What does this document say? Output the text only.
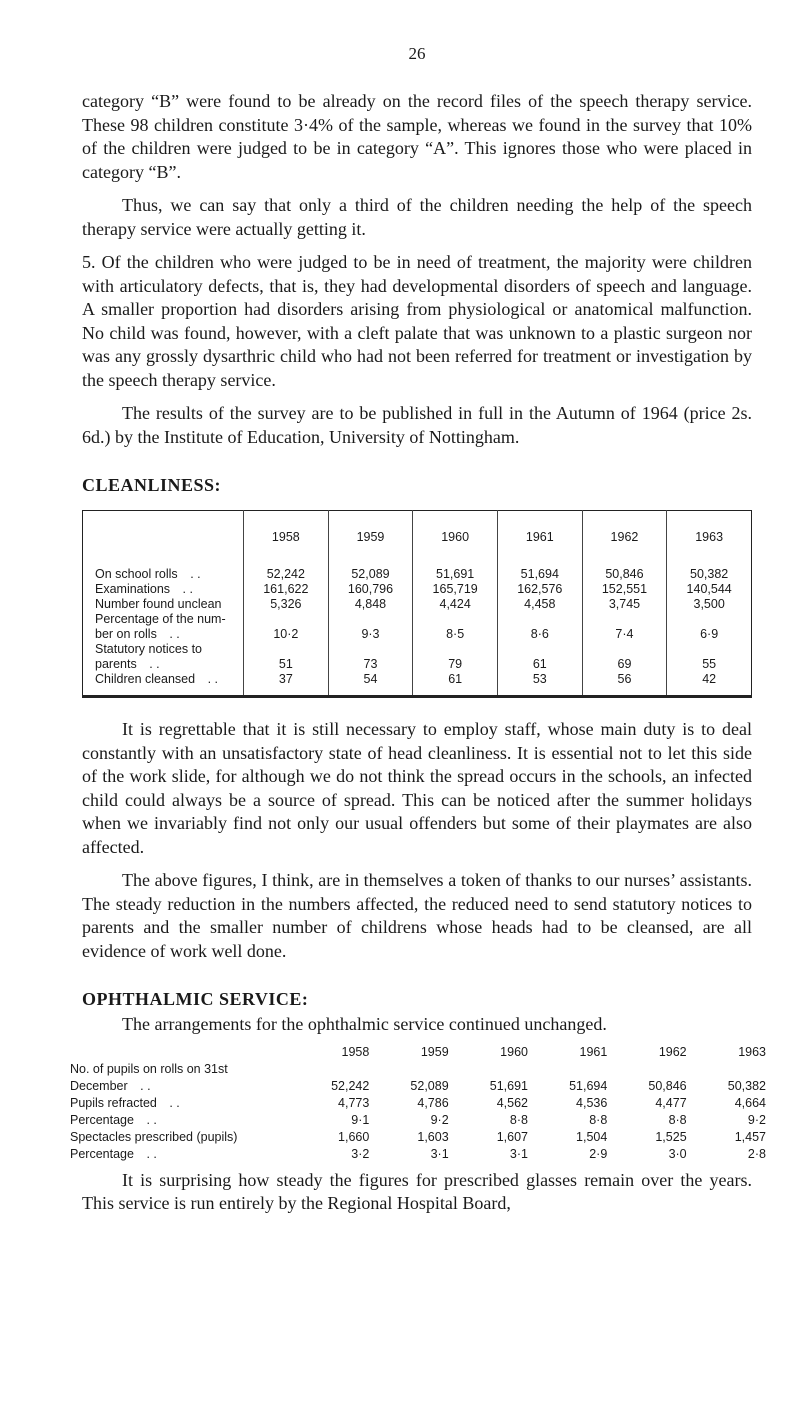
26

category “B” were found to be already on the record files of the speech therapy service. These 98 children constitute 3·4% of the sample, whereas we found in the survey that 10% of the children were judged to be in category “A”. This ignores those who were placed in category “B”.

Thus, we can say that only a third of the children needing the help of the speech therapy service were actually getting it.

5. Of the children who were judged to be in need of treatment, the majority were children with articulatory defects, that is, they had developmental disorders of speech and language. A smaller proportion had disorders arising from physiological or anatomical malfunction. No child was found, however, with a cleft palate that was unknown to a plastic surgeon nor was any grossly dysarthric child who had not been referred for treatment or investigation by the speech therapy service.

The results of the survey are to be published in full in the Autumn of 1964 (price 2s. 6d.) by the Institute of Education, University of Nottingham.

CLEANLINESS:
	1958	1959	1960	1961	1962	1963
On school rolls . .	52,242	52,089	51,691	51,694	50,846	50,382
Examinations . .	161,622	160,796	165,719	162,576	152,551	140,544
Number found unclean	5,326	4,848	4,424	4,458	3,745	3,500
Percentage of the num-						
ber on rolls . .	10·2	9·3	8·5	8·6	7·4	6·9
Statutory notices to						
parents . .	51	73	79	61	69	55
Children cleansed . .	37	54	61	53	56	42

It is regrettable that it is still necessary to employ staff, whose main duty is to deal constantly with an unsatisfactory state of head cleanliness. It is essential not to let this side of the work slide, for although we do not think the spread occurs in the schools, an infected child could always be a source of spread. This can be noticed after the summer holidays when we invariably find not only our usual offenders but some of their playmates are also affected.

The above figures, I think, are in themselves a token of thanks to our nurses’ assistants. The steady reduction in the numbers affected, the reduced need to send statutory notices to parents and the smaller number of childrens whose heads had to be cleansed, are all evidence of work well done.

OPHTHALMIC SERVICE:

The arrangements for the ophthalmic service continued unchanged.

	1958	1959	1960	1961	1962	1963
No. of pupils on rolls on 31st						
December . .	52,242	52,089	51,691	51,694	50,846	50,382
Pupils refracted . .	4,773	4,786	4,562	4,536	4,477	4,664
Percentage . .	9·1	9·2	8·8	8·8	8·8	9·2
Spectacles prescribed (pupils)	1,660	1,603	1,607	1,504	1,525	1,457
Percentage . .	3·2	3·1	3·1	2·9	3·0	2·8

It is surprising how steady the figures for prescribed glasses remain over the years. This service is run entirely by the Regional Hospital Board,
